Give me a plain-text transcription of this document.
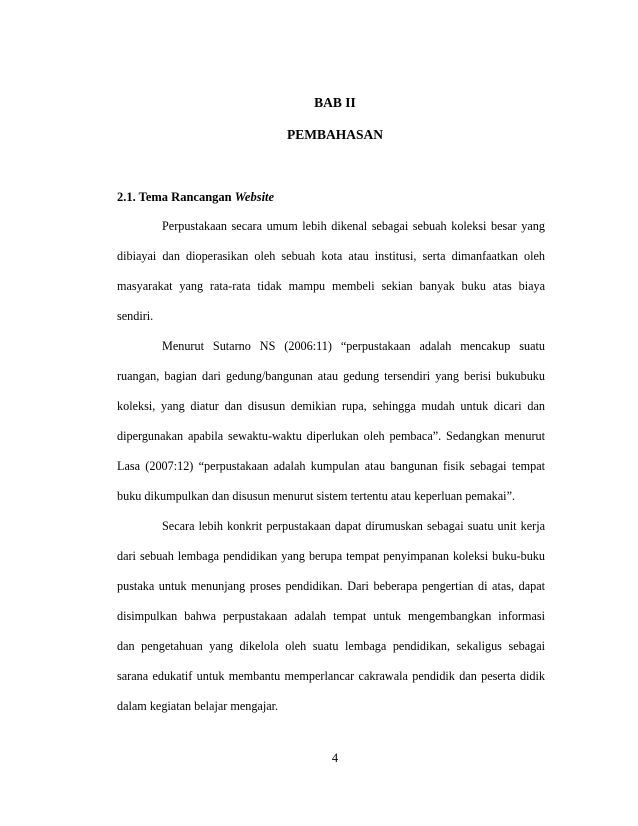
BAB II
PEMBAHASAN
2.1. Tema Rancangan Website
Perpustakaan secara umum lebih dikenal sebagai sebuah koleksi besar yang
dibiayai dan dioperasikan oleh sebuah kota atau institusi, serta dimanfaatkan oleh
masyarakat yang rata-rata tidak mampu membeli sekian banyak buku atas biaya
sendiri.
Menurut Sutarno NS (2006:11) “perpustakaan adalah mencakup suatu
ruangan, bagian dari gedung/bangunan atau gedung tersendiri yang berisi bukubuku
koleksi, yang diatur dan disusun demikian rupa, sehingga mudah untuk dicari dan
dipergunakan apabila sewaktu-waktu diperlukan oleh pembaca”. Sedangkan menurut
Lasa (2007:12) “perpustakaan adalah kumpulan atau bangunan fisik sebagai tempat
buku dikumpulkan dan disusun menurut sistem tertentu atau keperluan pemakai”.
Secara lebih konkrit perpustakaan dapat dirumuskan sebagai suatu unit kerja
dari sebuah lembaga pendidikan yang berupa tempat penyimpanan koleksi buku-buku
pustaka untuk menunjang proses pendidikan. Dari beberapa pengertian di atas, dapat
disimpulkan bahwa perpustakaan adalah tempat untuk mengembangkan informasi
dan pengetahuan yang dikelola oleh suatu lembaga pendidikan, sekaligus sebagai
sarana edukatif untuk membantu memperlancar cakrawala pendidik dan peserta didik
dalam kegiatan belajar mengajar.
4
